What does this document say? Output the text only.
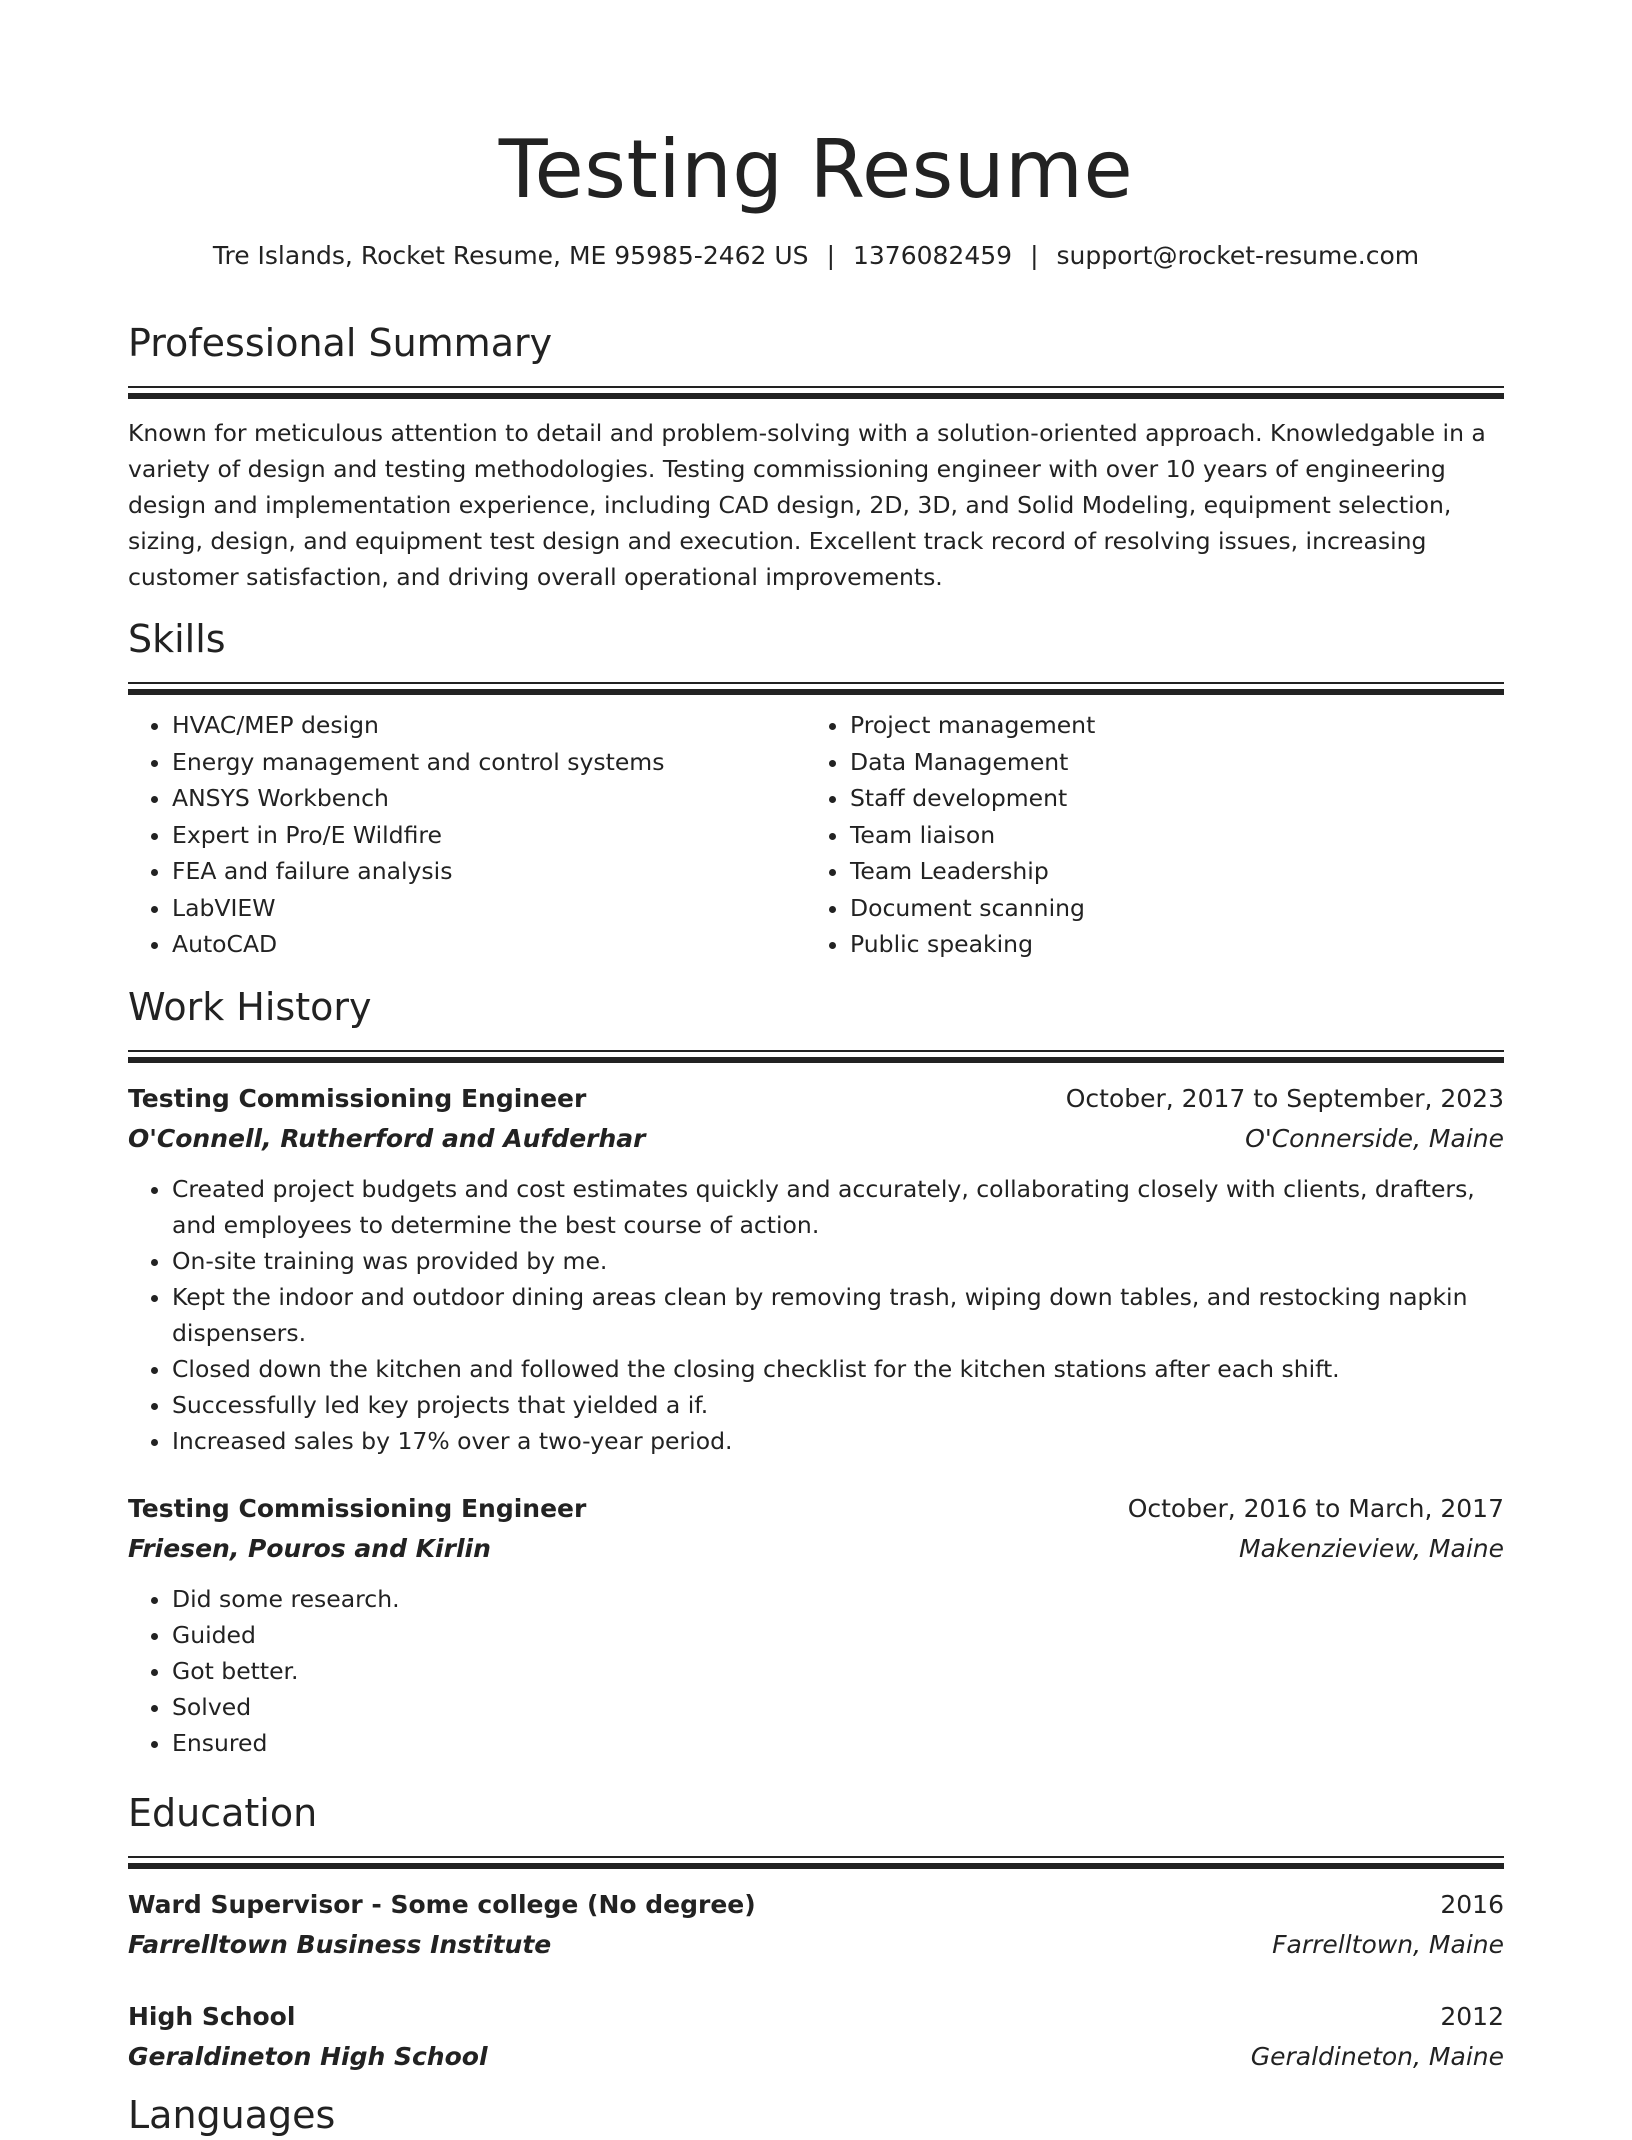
Testing Resume
Tre Islands, Rocket Resume, ME 95985-2462 US | 1376082459 | support@rocket-resume.com
Professional Summary
Known for meticulous attention to detail and problem-solving with a solution-oriented approach. Knowledgable in a variety of design and testing methodologies. Testing commissioning engineer with over 10 years of engineering design and implementation experience, including CAD design, 2D, 3D, and Solid Modeling, equipment selection, sizing, design, and equipment test design and execution. Excellent track record of resolving issues, increasing customer satisfaction, and driving overall operational improvements.
Skills
• HVAC/MEP design
• Energy management and control systems
• ANSYS Workbench
• Expert in Pro/E Wildfire
• FEA and failure analysis
• LabVIEW
• AutoCAD
• Project management
• Data Management
• Staff development
• Team liaison
• Team Leadership
• Document scanning
• Public speaking
Work History
Testing Commissioning Engineer	October, 2017 to September, 2023
O'Connell, Rutherford and Aufderhar	O'Connerside, Maine
• Created project budgets and cost estimates quickly and accurately, collaborating closely with clients, drafters, and employees to determine the best course of action.
• On-site training was provided by me.
• Kept the indoor and outdoor dining areas clean by removing trash, wiping down tables, and restocking napkin dispensers.
• Closed down the kitchen and followed the closing checklist for the kitchen stations after each shift.
• Successfully led key projects that yielded a if.
• Increased sales by 17% over a two-year period.
Testing Commissioning Engineer	October, 2016 to March, 2017
Friesen, Pouros and Kirlin	Makenzieview, Maine
• Did some research.
• Guided
• Got better.
• Solved
• Ensured
Education
Ward Supervisor - Some college (No degree)	2016
Farrelltown Business Institute	Farrelltown, Maine
High School	2012
Geraldineton High School	Geraldineton, Maine
Languages
